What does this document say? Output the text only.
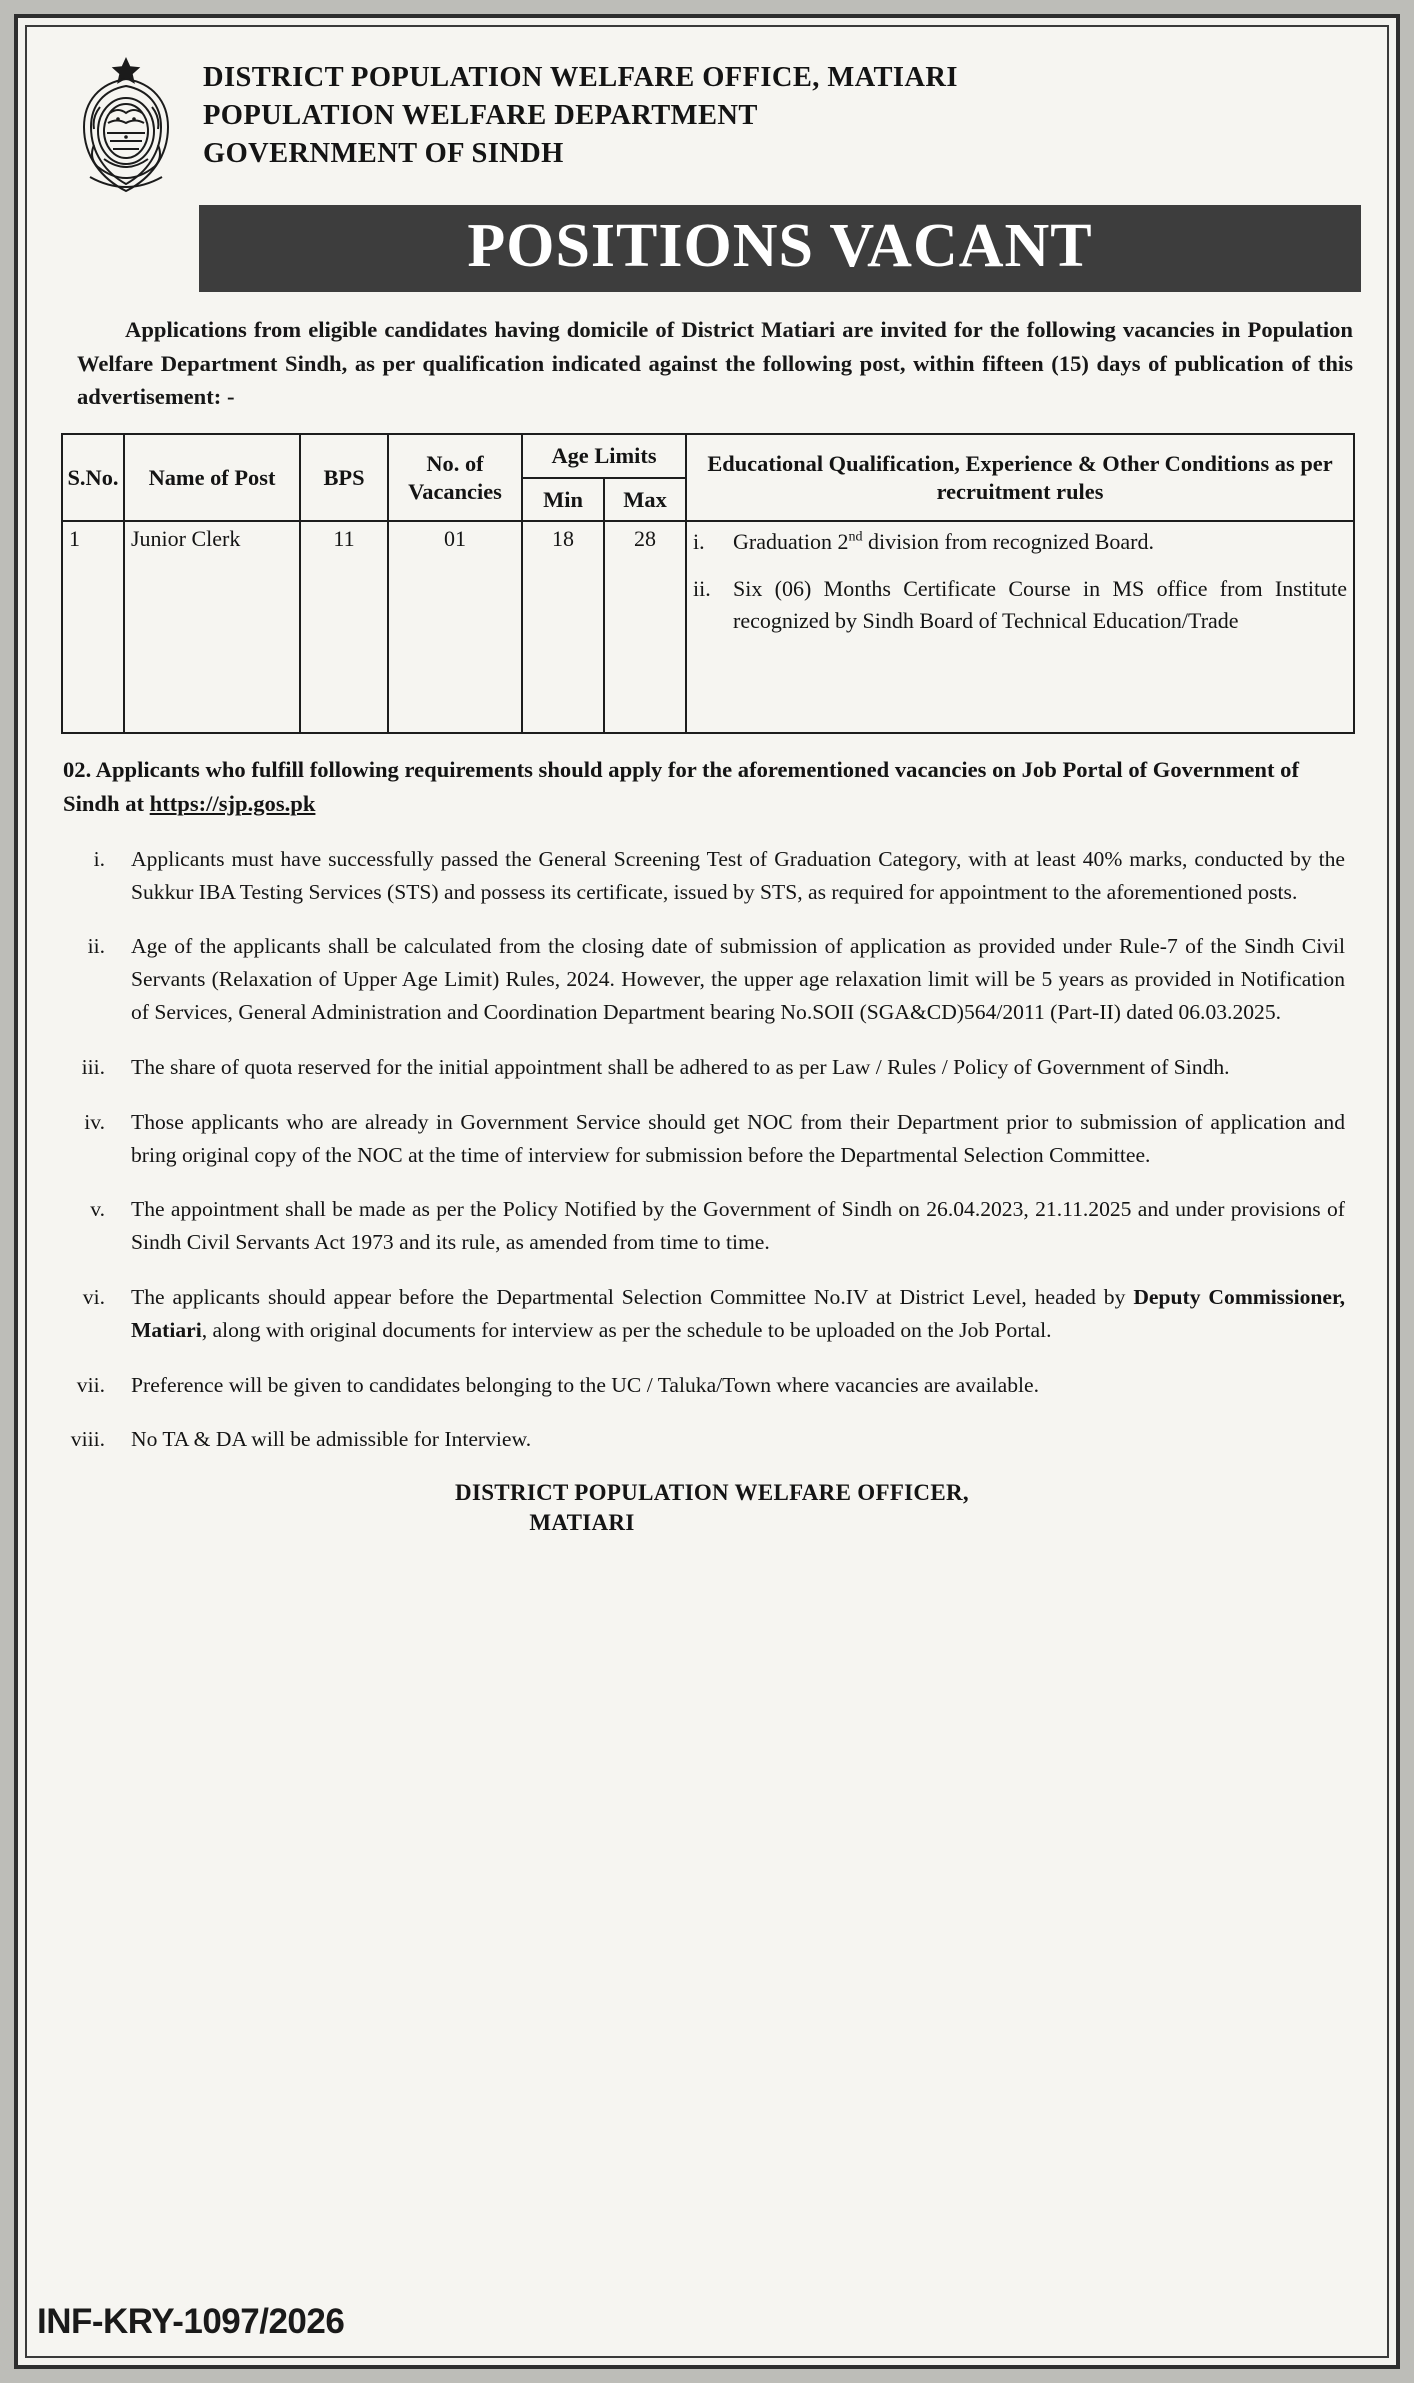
DISTRICT POPULATION WELFARE OFFICE, MATIARI
POPULATION WELFARE DEPARTMENT
GOVERNMENT OF SINDH
POSITIONS VACANT

Applications from eligible candidates having domicile of District Matiari are invited for the following vacancies in Population Welfare Department Sindh, as per qualification indicated against the following post, within fifteen (15) days of publication of this advertisement: -

S.No.	Name of Post	BPS	No. of Vacancies	Age Limits		Educational Qualification, Experience & Other Conditions as per recruitment rules
				Min	Max	
1	Junior Clerk	11	01	18	28	i. Graduation 2nd division from recognized Board.
ii. Six (06) Months Certificate Course in MS office from Institute recognized by Sindh Board of Technical Education/Trade

02. Applicants who fulfill following requirements should apply for the aforementioned vacancies on Job Portal of Government of Sindh at https://sjp.gos.pk

i.	Applicants must have successfully passed the General Screening Test of Graduation Category, with at least 40% marks, conducted by the Sukkur IBA Testing Services (STS) and possess its certificate, issued by STS, as required for appointment to the aforementioned posts.
ii.	Age of the applicants shall be calculated from the closing date of submission of application as provided under Rule-7 of the Sindh Civil Servants (Relaxation of Upper Age Limit) Rules, 2024. However, the upper age relaxation limit will be 5 years as provided in Notification of Services, General Administration and Coordination Department bearing No.SOII (SGA&CD)564/2011 (Part-II) dated 06.03.2025.
iii.	The share of quota reserved for the initial appointment shall be adhered to as per Law / Rules / Policy of Government of Sindh.
iv.	Those applicants who are already in Government Service should get NOC from their Department prior to submission of application and bring original copy of the NOC at the time of interview for submission before the Departmental Selection Committee.
v.	The appointment shall be made as per the Policy Notified by the Government of Sindh on 26.04.2023, 21.11.2025 and under provisions of Sindh Civil Servants Act 1973 and its rule, as amended from time to time.
vi.	The applicants should appear before the Departmental Selection Committee No.IV at District Level, headed by Deputy Commissioner, Matiari, along with original documents for interview as per the schedule to be uploaded on the Job Portal.
vii.	Preference will be given to candidates belonging to the UC / Taluka/Town where vacancies are available.
viii.	No TA & DA will be admissible for Interview.
DISTRICT POPULATION WELFARE OFFICER,
MATIARI
INF-KRY-1097/2026
